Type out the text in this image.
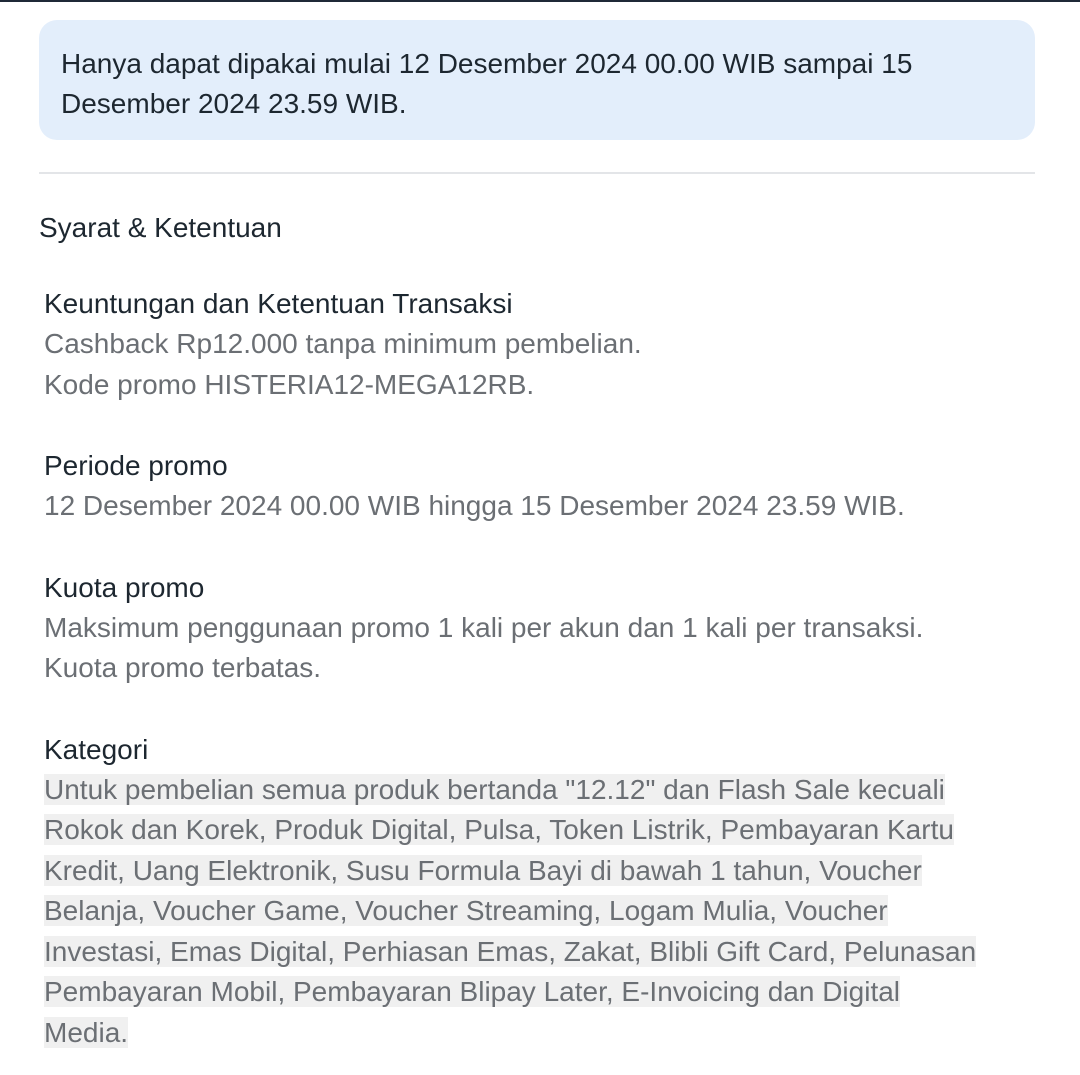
Hanya dapat dipakai mulai 12 Desember 2024 00.00 WIB sampai 15
Desember 2024 23.59 WIB.
Syarat & Ketentuan
Keuntungan dan Ketentuan Transaksi
Cashback Rp12.000 tanpa minimum pembelian.
Kode promo HISTERIA12-MEGA12RB.
Periode promo
12 Desember 2024 00.00 WIB hingga 15 Desember 2024 23.59 WIB.
Kuota promo
Maksimum penggunaan promo 1 kali per akun dan 1 kali per transaksi.
Kuota promo terbatas.
Kategori
Untuk pembelian semua produk bertanda "12.12" dan Flash Sale kecuali
Rokok dan Korek, Produk Digital, Pulsa, Token Listrik, Pembayaran Kartu
Kredit, Uang Elektronik, Susu Formula Bayi di bawah 1 tahun, Voucher
Belanja, Voucher Game, Voucher Streaming, Logam Mulia, Voucher
Investasi, Emas Digital, Perhiasan Emas, Zakat, Blibli Gift Card, Pelunasan
Pembayaran Mobil, Pembayaran Blipay Later, E-Invoicing dan Digital
Media.
